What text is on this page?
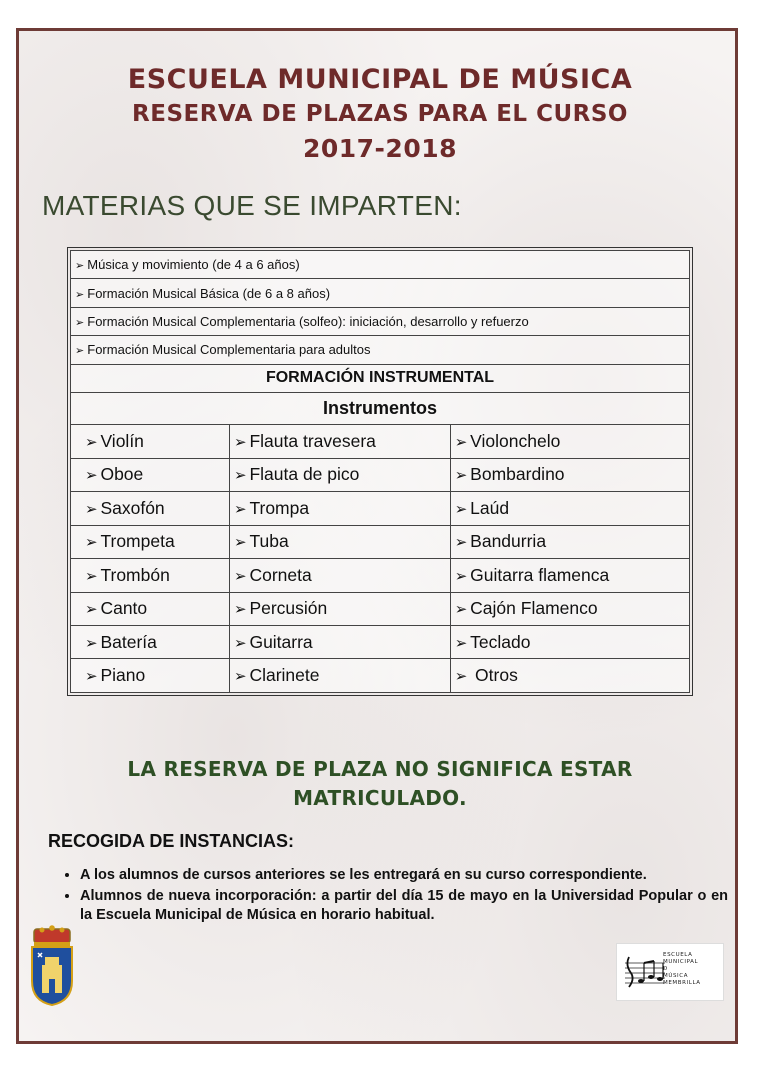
ESCUELA MUNICIPAL DE MÚSICA
RESERVA DE PLAZAS PARA EL CURSO
2017-2018
MATERIAS QUE SE IMPARTEN:
➢ Música y movimiento (de 4 a 6 años)		
➢ Formación Musical Básica (de 6 a 8 años)		
➢ Formación Musical Complementaria (solfeo): iniciación, desarrollo y refuerzo		
➢ Formación Musical Complementaria para adultos		
FORMACIÓN INSTRUMENTAL		
Instrumentos		
➢ Violín	➢ Flauta travesera	➢ Violonchelo
➢ Oboe	➢ Flauta de pico	➢ Bombardino
➢ Saxofón	➢ Trompa	➢ Laúd
➢ Trompeta	➢ Tuba	➢ Bandurria
➢ Trombón	➢ Corneta	➢ Guitarra flamenca
➢ Canto	➢ Percusión	➢ Cajón Flamenco
➢ Batería	➢ Guitarra	➢ Teclado
➢ Piano	➢ Clarinete	➢ Otros
LA RESERVA DE PLAZA NO SIGNIFICA ESTAR
MATRICULADO.
RECOGIDA DE INSTANCIAS:
• A los alumnos de cursos anteriores se les entregará en su curso correspondiente.
• Alumnos de nueva incorporación: a partir del día 15 de mayo en la Universidad Popular o en la Escuela Municipal de Música en horario habitual.
ESCUELA
MUNICIPAL
D
MÚSICA
MEMBRILLA
